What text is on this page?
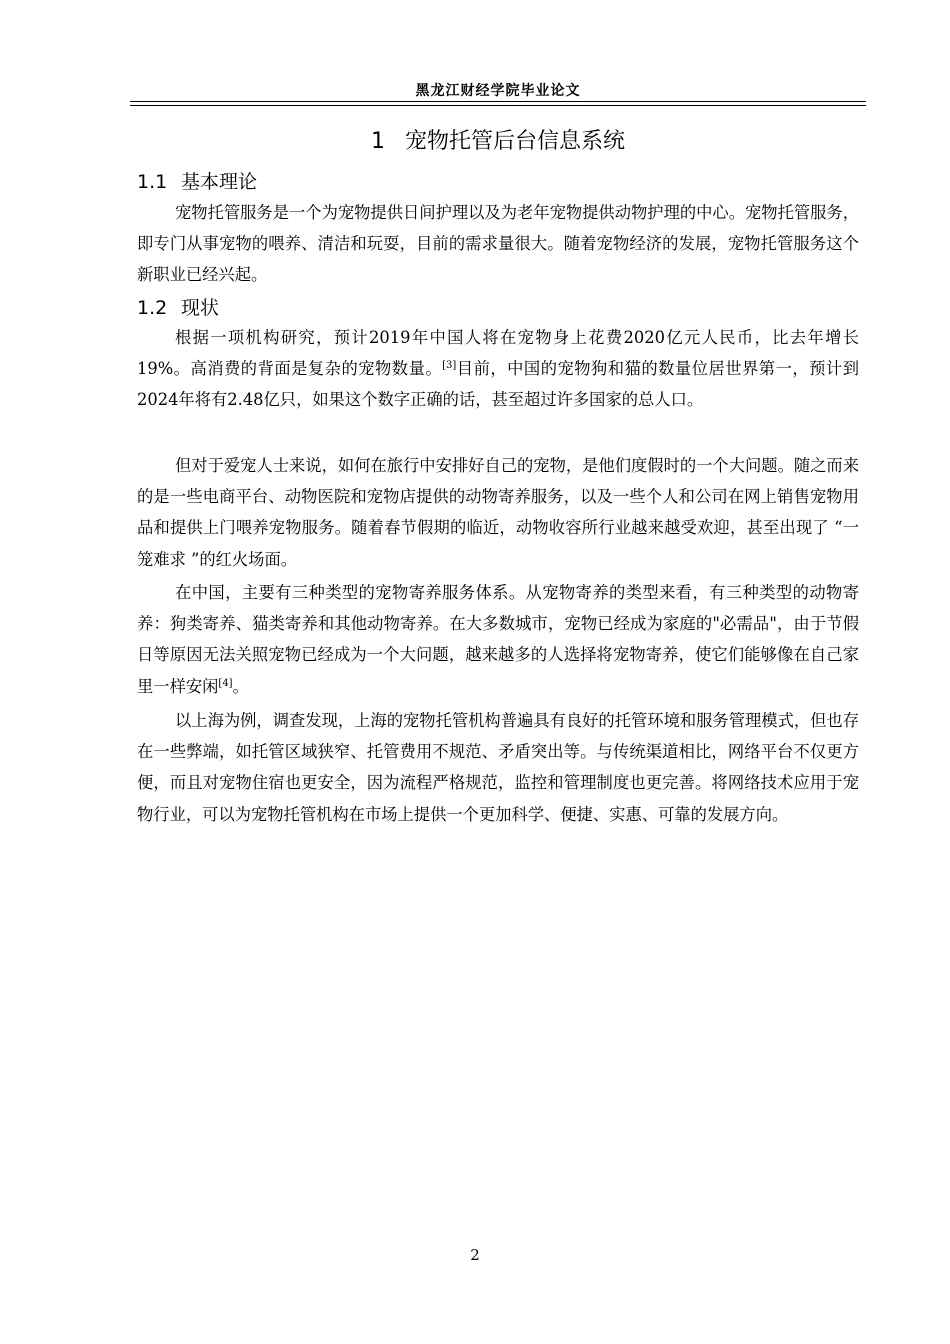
黑龙江财经学院毕业论文
1 宠物托管后台信息系统
1.1 基本理论

宠物托管服务是一个为宠物提供日间护理以及为老年宠物提供动物护理的中心。宠物托管服务，即专门从事宠物的喂养、清洁和玩耍，目前的需求量很大。随着宠物经济的发展，宠物托管服务这个新职业已经兴起。

1.2 现状

根据一项机构研究，预计2019年中国人将在宠物身上花费2020亿元人民币，比去年增长19%。高消费的背面是复杂的宠物数量。[3]目前，中国的宠物狗和猫的数量位居世界第一，预计到2024年将有2.48亿只，如果这个数字正确的话，甚至超过许多国家的总人口。

但对于爱宠人士来说，如何在旅行中安排好自己的宠物，是他们度假时的一个大问题。随之而来的是一些电商平台、动物医院和宠物店提供的动物寄养服务，以及一些个人和公司在网上销售宠物用品和提供上门喂养宠物服务。随着春节假期的临近，动物收容所行业越来越受欢迎，甚至出现了 “一笼难求 ”的红火场面。

在中国，主要有三种类型的宠物寄养服务体系。从宠物寄养的类型来看，有三种类型的动物寄养：狗类寄养、猫类寄养和其他动物寄养。在大多数城市，宠物已经成为家庭的"必需品"，由于节假日等原因无法关照宠物已经成为一个大问题，越来越多的人选择将宠物寄养，使它们能够像在自己家里一样安闲[4]。

以上海为例，调查发现，上海的宠物托管机构普遍具有良好的托管环境和服务管理模式，但也存在一些弊端，如托管区域狭窄、托管费用不规范、矛盾突出等。与传统渠道相比，网络平台不仅更方便，而且对宠物住宿也更安全，因为流程严格规范，监控和管理制度也更完善。将网络技术应用于宠物行业，可以为宠物托管机构在市场上提供一个更加科学、便捷、实惠、可靠的发展方向。

2
